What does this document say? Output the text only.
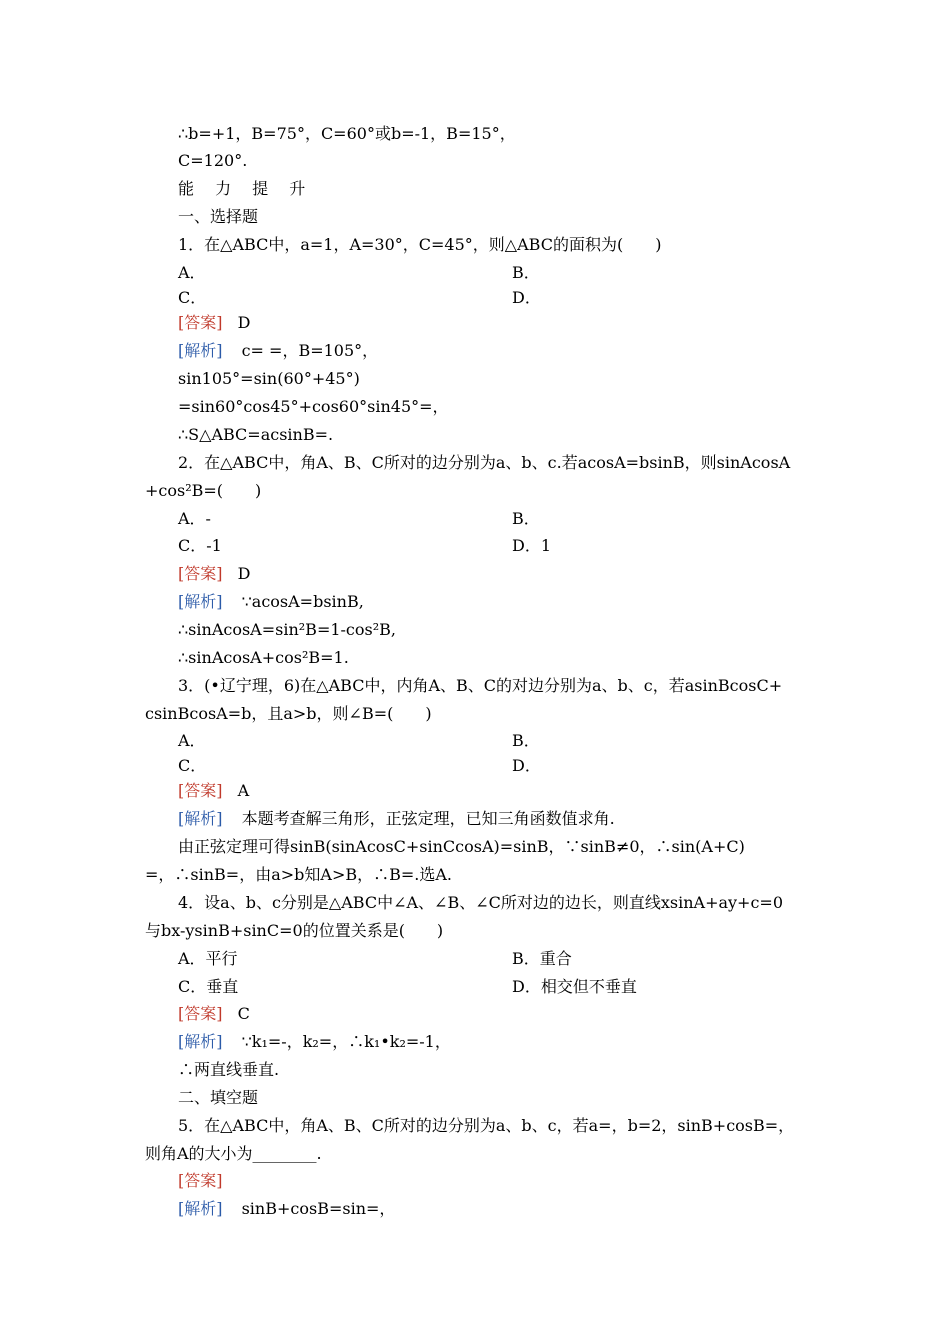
∴b=+1，B=75°，C=60°或b=-1，B=15°，
C=120°.
能 力 提 升
一、选择题
1．在△ABC中，a=1，A=30°，C=45°，则△ABC的面积为(　　)
A．	B．
C．	D．
[答案] D
[解析] c= =，B=105°，
sin105°=sin(60°+45°)
=sin60°cos45°+cos60°sin45°=，
∴S△ABC=acsinB=.
2．在△ABC中，角A、B、C所对的边分别为a、b、c.若acosA=bsinB，则sinAcosA
+cos²B=(　　)
A．-	B．
C．-1	D．1
[答案] D
[解析] ∵acosA=bsinB,
∴sinAcosA=sin²B=1-cos²B,
∴sinAcosA+cos²B=1.
3．(•辽宁理，6)在△ABC中，内角A、B、C的对边分别为a、b、c，若asinBcosC+
csinBcosA=b，且a>b，则∠B=(　　)
A．	B．
C．	D．
[答案] A
[解析] 本题考查解三角形，正弦定理，已知三角函数值求角.
由正弦定理可得sinB(sinAcosC+sinCcosA)=sinB，∵sinB≠0，∴sin(A+C)
=，∴sinB=，由a>b知A>B，∴B=.选A.
4．设a、b、c分别是△ABC中∠A、∠B、∠C所对边的边长，则直线xsinA+ay+c=0
与bx-ysinB+sinC=0的位置关系是(　　)
A．平行	B．重合
C．垂直	D．相交但不垂直
[答案] C
[解析] ∵k₁=-，k₂=，∴k₁•k₂=-1，
∴两直线垂直.
二、填空题
5．在△ABC中，角A、B、C所对的边分别为a、b、c，若a=，b=2，sinB+cosB=，
则角A的大小为________.
[答案]
[解析] sinB+cosB=sin=，
